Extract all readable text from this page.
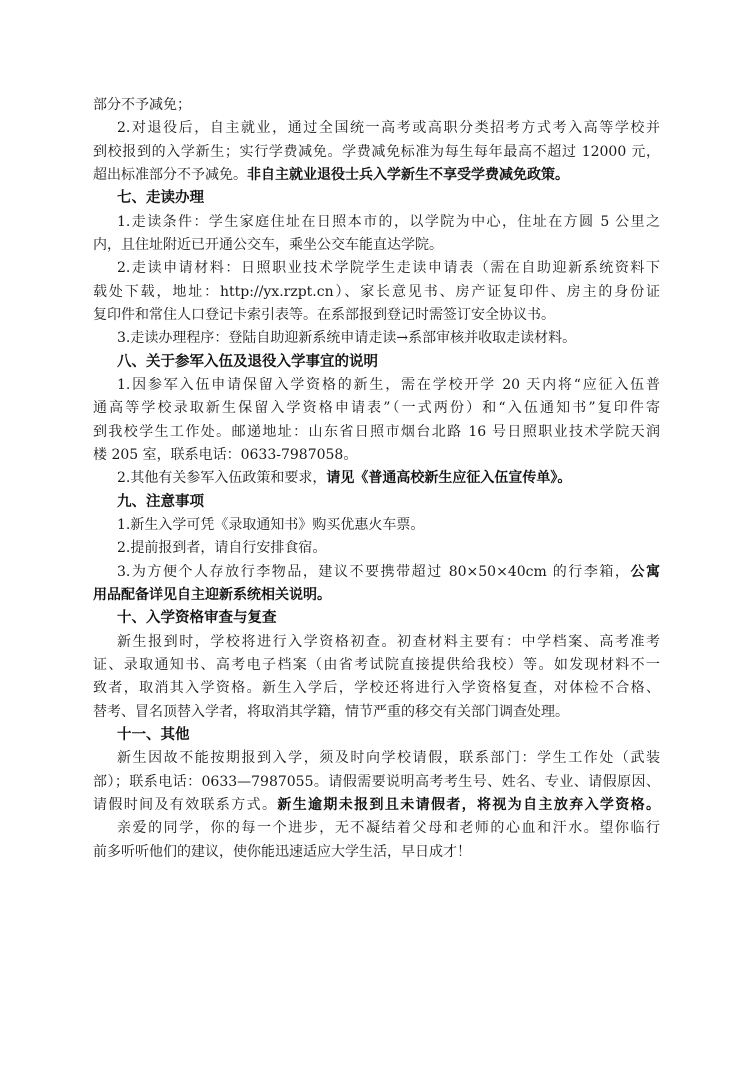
部分不予减免；
2.对退役后，自主就业，通过全国统一高考或高职分类招考方式考入高等学校并
到校报到的入学新生；实行学费减免。学费减免标准为每生每年最高不超过 12000 元，
超出标准部分不予减免。非自主就业退役士兵入学新生不享受学费减免政策。
七、走读办理
1.走读条件：学生家庭住址在日照本市的，以学院为中心，住址在方圆 5 公里之
内，且住址附近已开通公交车，乘坐公交车能直达学院。
2.走读申请材料：日照职业技术学院学生走读申请表（需在自助迎新系统资料下
载处下载，地址：http://yx.rzpt.cn）、家长意见书、房产证复印件、房主的身份证
复印件和常住人口登记卡索引表等。在系部报到登记时需签订安全协议书。
3.走读办理程序：登陆自助迎新系统申请走读→系部审核并收取走读材料。
八、关于参军入伍及退役入学事宜的说明
1.因参军入伍申请保留入学资格的新生，需在学校开学 20 天内将“应征入伍普
通高等学校录取新生保留入学资格申请表”（一式两份）和“入伍通知书”复印件寄
到我校学生工作处。邮递地址：山东省日照市烟台北路 16 号日照职业技术学院天润
楼 205 室，联系电话：0633-7987058。
2.其他有关参军入伍政策和要求，请见《普通高校新生应征入伍宣传单》。
九、注意事项
1.新生入学可凭《录取通知书》购买优惠火车票。
2.提前报到者，请自行安排食宿。
3.为方便个人存放行李物品，建议不要携带超过 80×50×40cm 的行李箱，公寓
用品配备详见自主迎新系统相关说明。
十、入学资格审查与复查
新生报到时，学校将进行入学资格初查。初查材料主要有：中学档案、高考准考
证、录取通知书、高考电子档案（由省考试院直接提供给我校）等。如发现材料不一
致者，取消其入学资格。新生入学后，学校还将进行入学资格复查，对体检不合格、
替考、冒名顶替入学者，将取消其学籍，情节严重的移交有关部门调查处理。
十一、其他
新生因故不能按期报到入学，须及时向学校请假，联系部门：学生工作处（武装
部）；联系电话：0633—7987055。请假需要说明高考考生号、姓名、专业、请假原因、
请假时间及有效联系方式。新生逾期未报到且未请假者，将视为自主放弃入学资格。
亲爱的同学，你的每一个进步，无不凝结着父母和老师的心血和汗水。望你临行
前多听听他们的建议，使你能迅速适应大学生活，早日成才！
